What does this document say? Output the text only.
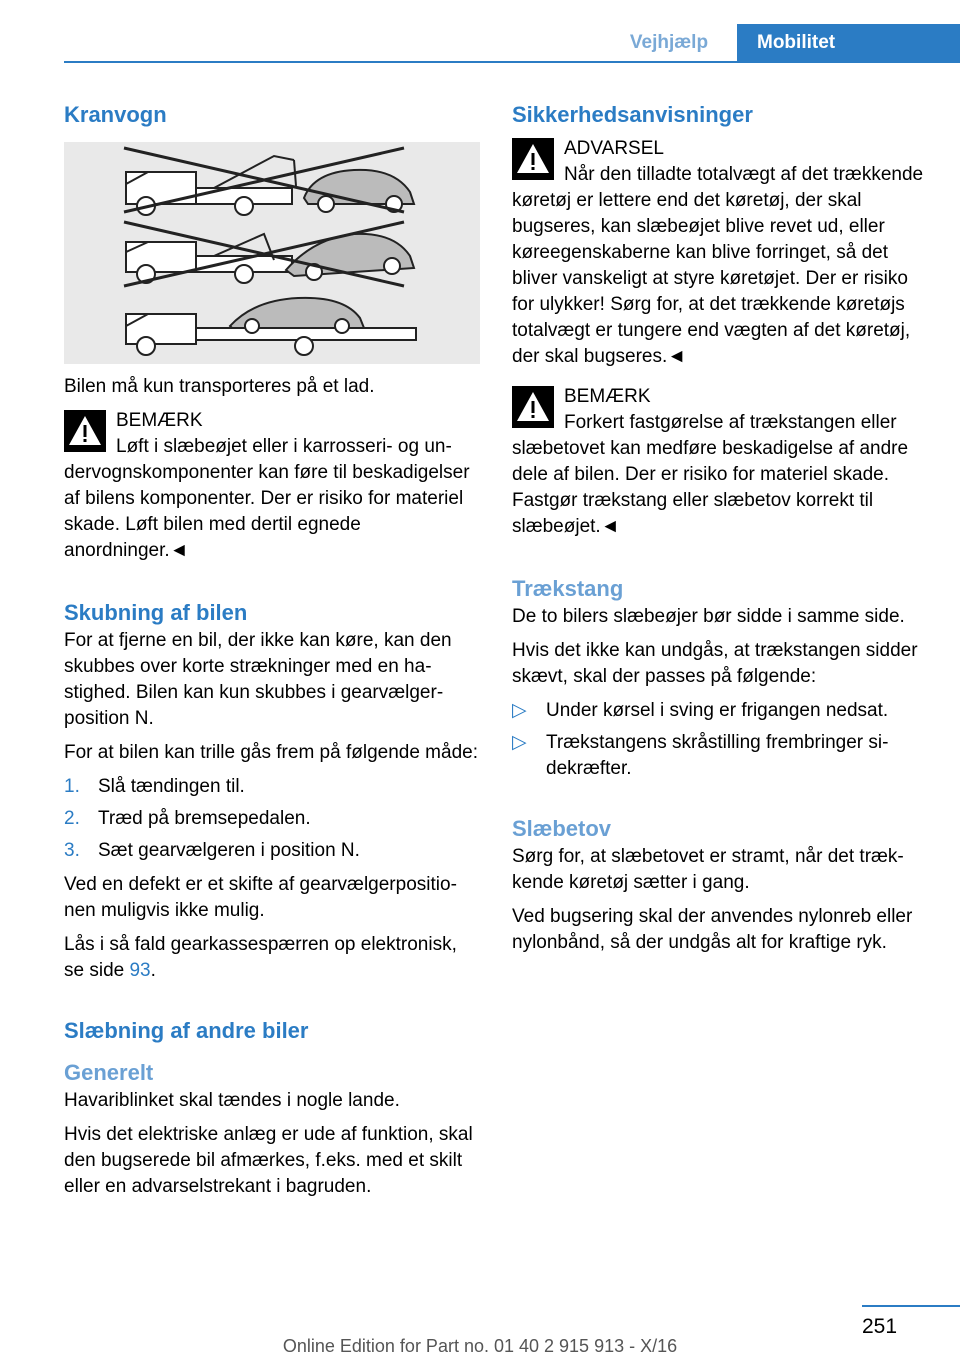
Vejhjælp	Mobilitet
Kranvogn

Bilen må kun transporteres på et lad.

BEMÆRK
Løft i slæbeøjet eller i karrosseri- og undervognskomponenter kan føre til beskadigelser af bilens komponenter. Der er risiko for materiel skade. Løft bilen med dertil egnede anordninger.◄
Skubning af bilen

For at fjerne en bil, der ikke kan køre, kan den skubbes over korte strækninger med en hastighed. Bilen kan kun skubbes i gearvælgerposition N.

For at bilen kan trille gås frem på følgende måde:

1. Slå tændingen til.
2. Træd på bremsepedalen.
3. Sæt gearvælgeren i position N.

Ved en defekt er et skifte af gearvælgerpositionen muligvis ikke mulig.

Lås i så fald gearkassespærren op elektronisk, se side 93.

Slæbning af andre biler
Generelt

Havariblinket skal tændes i nogle lande.

Hvis det elektriske anlæg er ude af funktion, skal den bugserede bil afmærkes, f.eks. med et skilt eller en advarselstrekant i bagruden.

Sikkerhedsanvisninger
ADVARSEL
Når den tilladte totalvægt af det trækkende køretøj er lettere end det køretøj, der skal bugseres, kan slæbeøjet blive revet ud, eller køreegenskaberne kan blive forringet, så det bliver vanskeligt at styre køretøjet. Der er risiko for ulykker! Sørg for, at det trækkende køretøjs totalvægt er tungere end vægten af det køretøj, der skal bugseres.◄
BEMÆRK
Forkert fastgørelse af trækstangen eller slæbetovet kan medføre beskadigelse af andre dele af bilen. Der er risiko for materiel skade. Fastgør trækstang eller slæbetov korrekt til slæbeøjet.◄
Trækstang

De to bilers slæbeøjer bør sidde i samme side.

Hvis det ikke kan undgås, at trækstangen sidder skævt, skal der passes på følgende:

▷ Under kørsel i sving er frigangen nedsat.
▷ Trækstangens skråstilling frembringer sidekræfter.
Slæbetov

Sørg for, at slæbetovet er stramt, når det trækkende køretøj sætter i gang.

Ved bugsering skal der anvendes nylonreb eller nylonbånd, så der undgås alt for kraftige ryk.

251
Online Edition for Part no. 01 40 2 915 913 - X/16
